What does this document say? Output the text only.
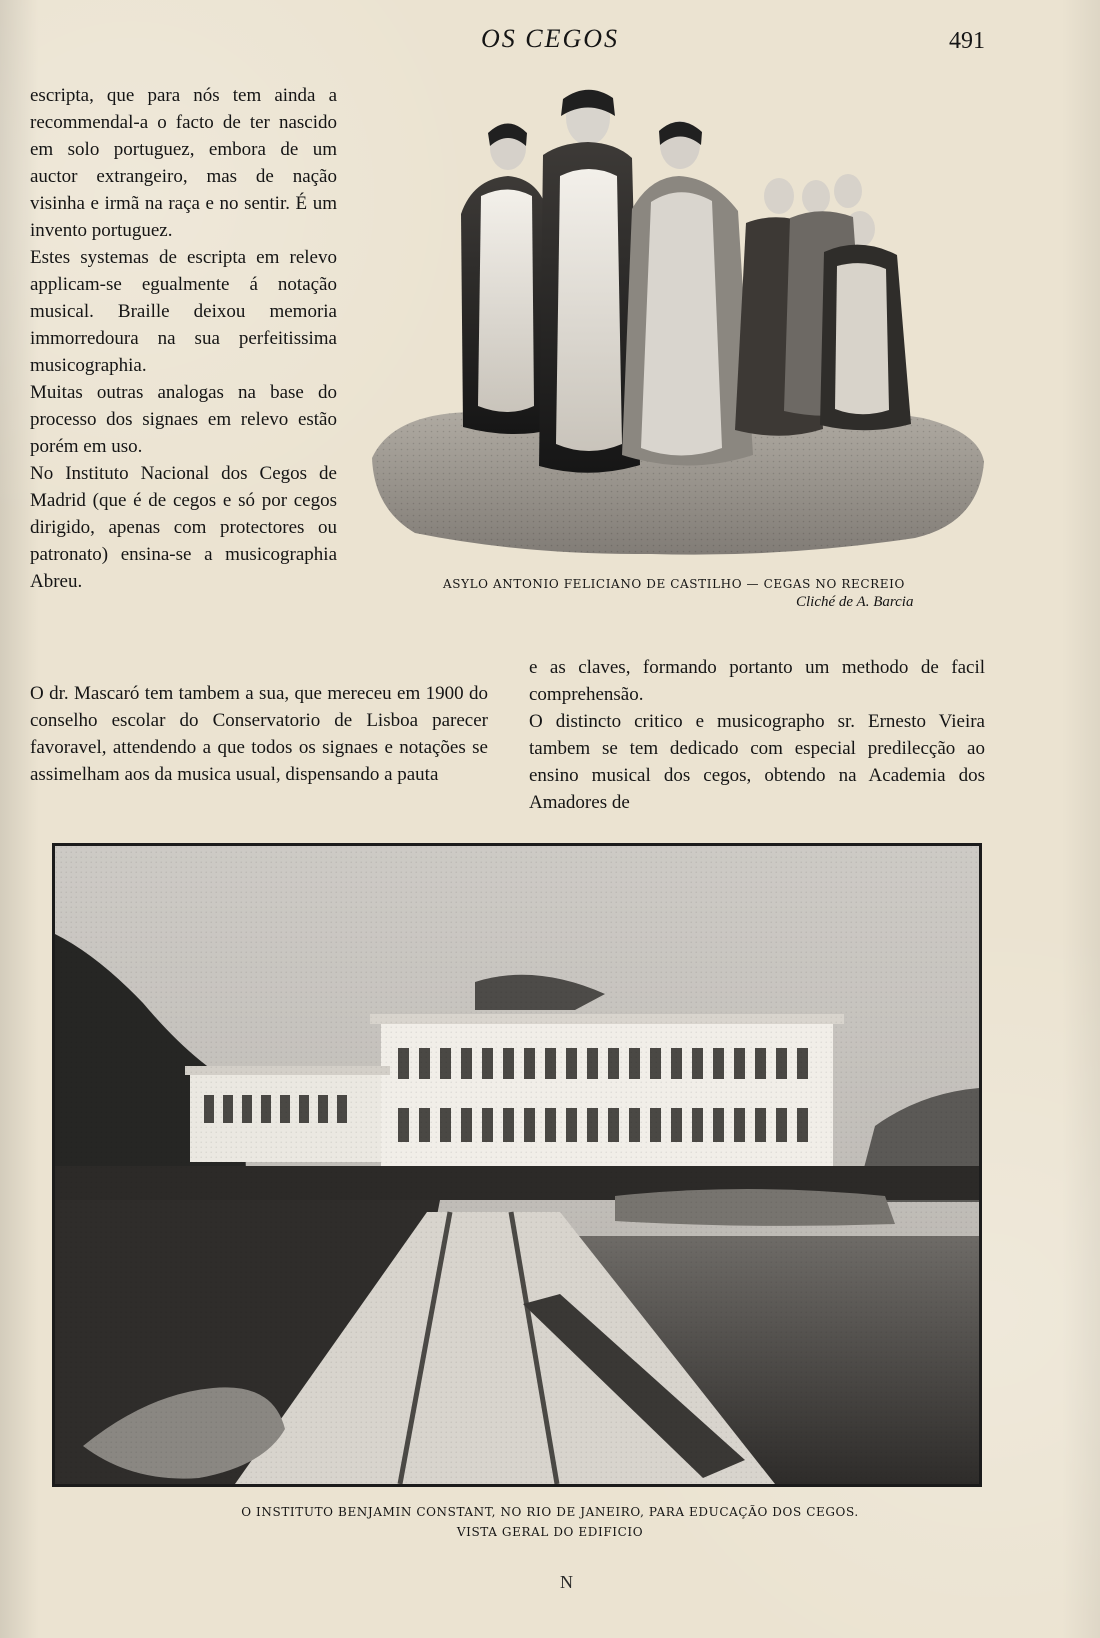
OS CEGOS	491

escripta, que para nós tem ainda a recommendal-a o facto de ter nascido em solo portuguez, embora de um auctor extrangeiro, mas de nação visinha e irmã na raça e no sentir. É um invento portuguez.
Estes systemas de escripta em relevo applicam-se egualmente á notação musical. Braille deixou memoria immorredoura na sua perfeitissima musicographia.
Muitas outras analogas na base do processo dos signaes em relevo estão porém em uso.
No Instituto Nacional dos Cegos de Madrid (que é de cegos e só por cegos dirigido, apenas com protectores ou patronato) ensina-se a musicographia Abreu.	ASYLO ANTONIO FELICIANO DE CASTILHO — CEGAS NO RECREIO
Cliché de A. Barcia

O dr. Mascaró tem tambem a sua, que mereceu em 1900 do conselho escolar do Conservatorio de Lisboa parecer favoravel, attendendo a que todos os signaes e notações se assimelham aos da musica usual, dispensando a pauta

e as claves, formando portanto um methodo de facil comprehensão.
O distincto critico e musicographo sr. Ernesto Vieira tambem se tem dedicado com especial predilecção ao ensino musical dos cegos, obtendo na Academia dos Amadores de

O INSTITUTO BENJAMIN CONSTANT, NO RIO DE JANEIRO, PARA EDUCAÇÃO DOS CEGOS.
VISTA GERAL DO EDIFICIO
N
